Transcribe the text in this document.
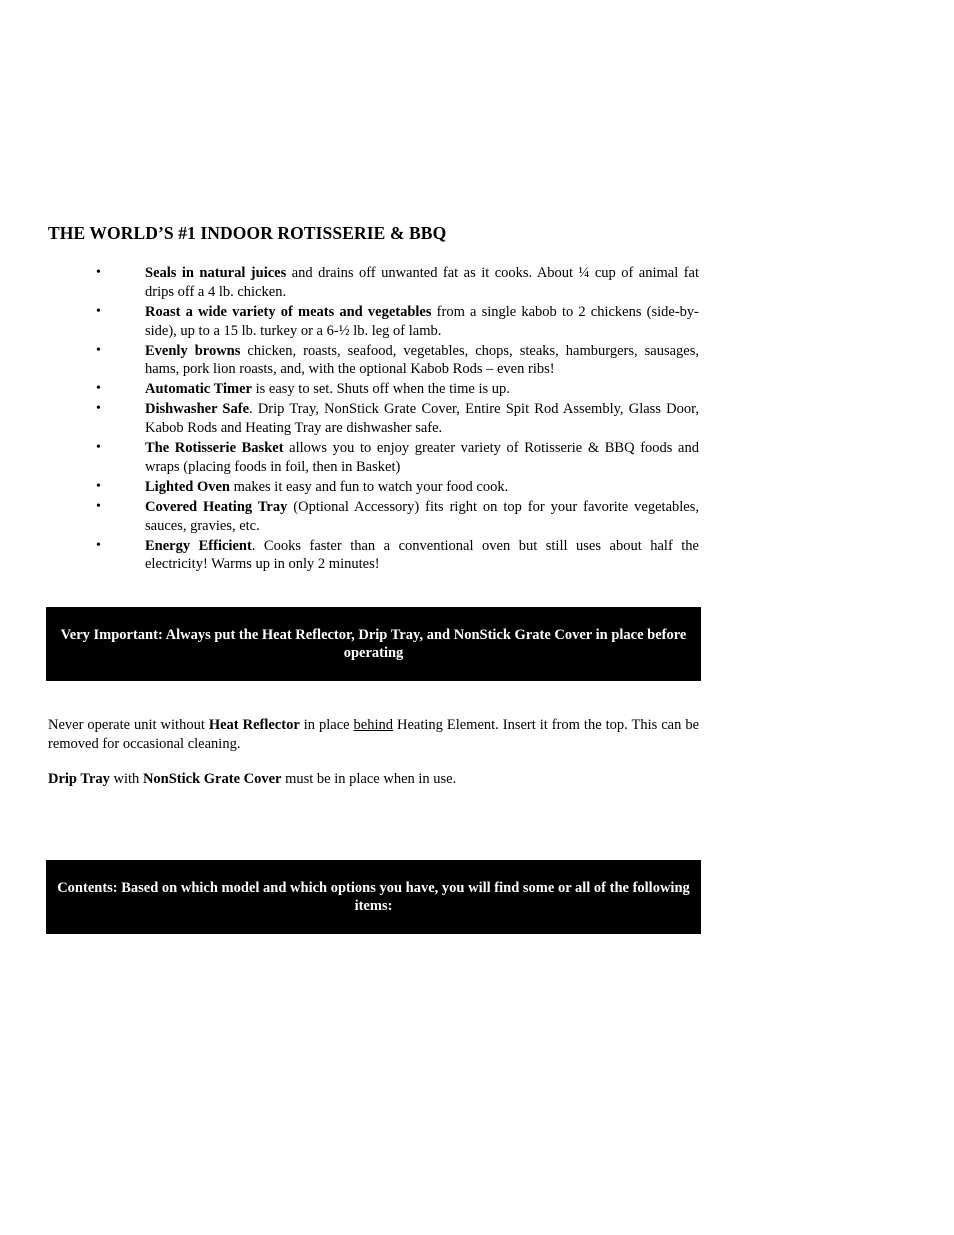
THE WORLD’S #1 INDOOR ROTISSERIE & BBQ
•	Seals in natural juices and drains off unwanted fat as it cooks. About ¼ cup of animal fat drips off a 4 lb. chicken.
•	Roast a wide variety of meats and vegetables from a single kabob to 2 chickens (side-by-side), up to a 15 lb. turkey or a 6-½ lb. leg of lamb.
•	Evenly browns chicken, roasts, seafood, vegetables, chops, steaks, hamburgers, sausages, hams, pork lion roasts, and, with the optional Kabob Rods – even ribs!
•	Automatic Timer is easy to set. Shuts off when the time is up.
•	Dishwasher Safe. Drip Tray, NonStick Grate Cover, Entire Spit Rod Assembly, Glass Door, Kabob Rods and Heating Tray are dishwasher safe.
•	The Rotisserie Basket allows you to enjoy greater variety of Rotisserie & BBQ foods and wraps (placing foods in foil, then in Basket)
•	Lighted Oven makes it easy and fun to watch your food cook.
•	Covered Heating Tray (Optional Accessory) fits right on top for your favorite vegetables, sauces, gravies, etc.
•	Energy Efficient. Cooks faster than a conventional oven but still uses about half the electricity! Warms up in only 2 minutes!
Very Important: Always put the Heat Reflector, Drip Tray, and NonStick Grate Cover in place before operating

Never operate unit without Heat Reflector in place behind Heating Element. Insert it from the top. This can be removed for occasional cleaning.

Drip Tray with NonStick Grate Cover must be in place when in use.

Contents: Based on which model and which options you have, you will find some or all of the following items:
